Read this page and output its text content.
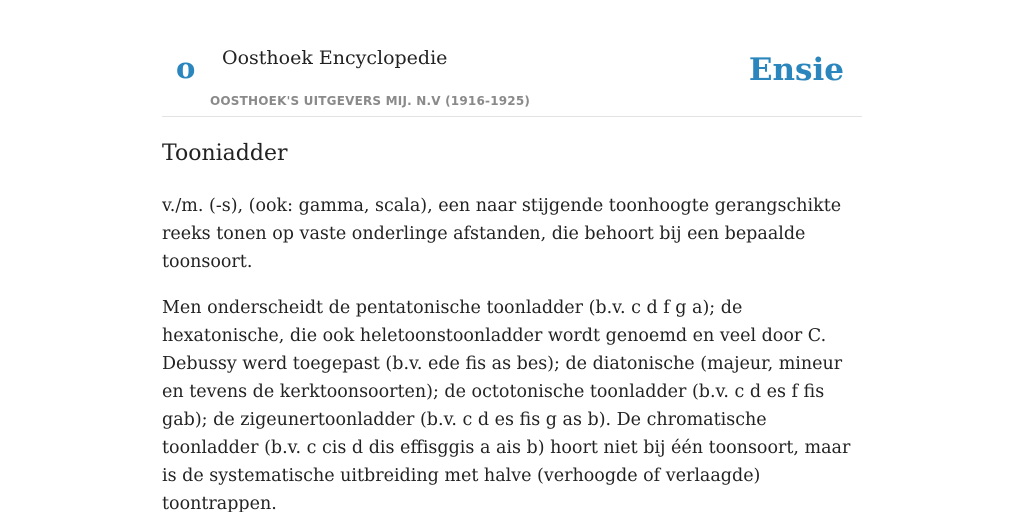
o Oosthoek Encyclopedie
OOSTHOEK'S UITGEVERS MIJ. N.V (1916-1925)
Ensie
Tooniadder

v./m. (-s), (ook: gamma, scala), een naar stijgende toonhoogte gerangschikte reeks tonen op vaste onderlinge afstanden, die behoort bij een bepaalde toonsoort.

Men onderscheidt de pentatonische toonladder (b.v. c d f g a); de hexatonische, die ook heletoonstoonladder wordt genoemd en veel door C. Debussy werd toegepast (b.v. ede fis as bes); de diatonische (majeur, mineur en tevens de kerktoonsoorten); de octotonische toonladder (b.v. c d es f fis gab); de zigeunertoonladder (b.v. c d es fis g as b). De chromatische toonladder (b.v. c cis d dis effisggis a ais b) hoort niet bij één toonsoort, maar is de systematische uitbreiding met halve (verhoogde of verlaagde) toontrappen.
